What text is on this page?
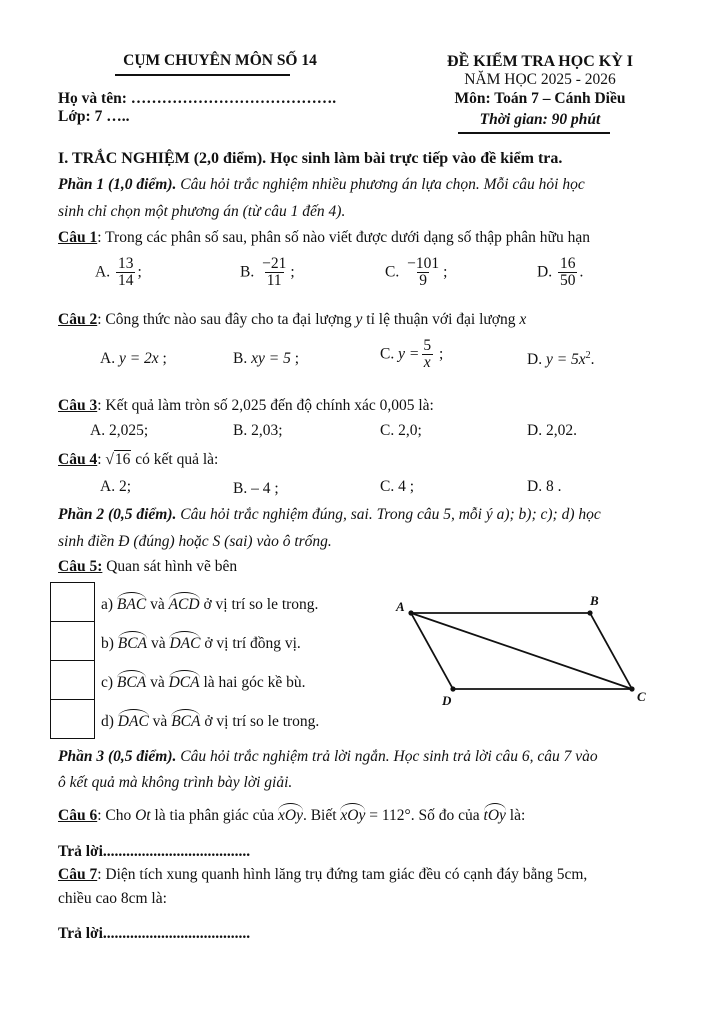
CỤM CHUYÊN MÔN SỐ 14
Họ và tên: ………………………………….
Lớp: 7 …..
ĐỀ KIỂM TRA HỌC KỲ I
NĂM HỌC 2025 - 2026
Môn: Toán 7 – Cánh Diều
Thời gian: 90 phút
I. TRẮC NGHIỆM (2,0 điểm). Học sinh làm bài trực tiếp vào đề kiểm tra.
Phần 1 (1,0 điểm). Câu hỏi trắc nghiệm nhiều phương án lựa chọn. Mỗi câu hỏi học
sinh chỉ chọn một phương án (từ câu 1 đến 4).
Câu 1: Trong các phân số sau, phân số nào viết được dưới dạng số thập phân hữu hạn
A. $\frac{13}{14}$ ;	B. $\frac{-21}{11}$ ;	C. $\frac{-101}{9}$ ;	D. $\frac{16}{50}$ .
Câu 2: Công thức nào sau đây cho ta đại lượng y tỉ lệ thuận với đại lượng x
A. y = 2x ;	B. xy = 5 ;	C. $y = \frac{5}{x}$ ;	D. $y = 5x^2$.
Câu 3: Kết quả làm tròn số 2,025 đến độ chính xác 0,005 là:
A. 2,025;	B. 2,03;	C. 2,0;	D. 2,02.
Câu 4: √16 có kết quả là:
A. 2;	B. – 4 ;	C. 4 ;	D. 8 .
Phần 2 (0,5 điểm). Câu hỏi trắc nghiệm đúng, sai. Trong câu 5, mỗi ý a); b); c); d) học
sinh điền Đ (đúng) hoặc S (sai) vào ô trống.
Câu 5: Quan sát hình vẽ bên
a) BAC và ACD ở vị trí so le trong.
b) BCA và DAC ở vị trí đồng vị.
c) BCA và DCA là hai góc kề bù.
d) DAC và BCA ở vị trí so le trong.
A	B
C
D
Phần 3 (0,5 điểm). Câu hỏi trắc nghiệm trả lời ngắn. Học sinh trả lời câu 6, câu 7 vào
ô kết quả mà không trình bày lời giải.
Câu 6: Cho Ot là tia phân giác của xOy. Biết xOy = 112°. Số đo của tOy là:
Trả lời......................................
Câu 7: Diện tích xung quanh hình lăng trụ đứng tam giác đều có cạnh đáy bằng 5cm,
chiều cao 8cm là:
Trả lời......................................
